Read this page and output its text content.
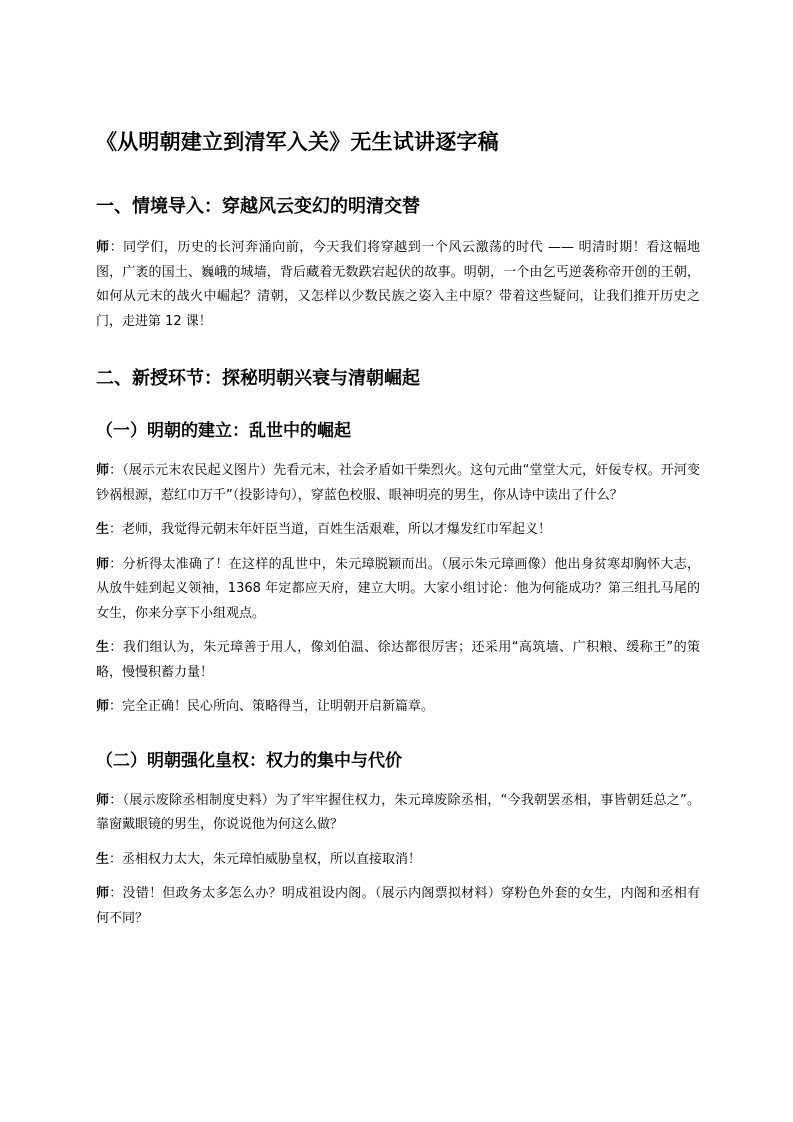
《从明朝建立到清军入关》无生试讲逐字稿
一、情境导入：穿越风云变幻的明清交替

师：同学们，历史的长河奔涌向前，今天我们将穿越到一个风云激荡的时代 —— 明清时期！看这幅地图，广袤的国土、巍峨的城墙，背后藏着无数跌宕起伏的故事。明朝，一个由乞丐逆袭称帝开创的王朝，如何从元末的战火中崛起？清朝，又怎样以少数民族之姿入主中原？带着这些疑问，让我们推开历史之门，走进第 12 课！

二、新授环节：探秘明朝兴衰与清朝崛起
（一）明朝的建立：乱世中的崛起

师：（展示元末农民起义图片）先看元末，社会矛盾如干柴烈火。这句元曲“堂堂大元，奸佞专权。开河变钞祸根源，惹红巾万千”（投影诗句），穿蓝色校服、眼神明亮的男生，你从诗中读出了什么？

生：老师，我觉得元朝末年奸臣当道，百姓生活艰难，所以才爆发红巾军起义！

师：分析得太准确了！在这样的乱世中，朱元璋脱颖而出。（展示朱元璋画像）他出身贫寒却胸怀大志，从放牛娃到起义领袖，1368 年定都应天府，建立大明。大家小组讨论：他为何能成功？第三组扎马尾的女生，你来分享下小组观点。

生：我们组认为，朱元璋善于用人，像刘伯温、徐达都很厉害；还采用“高筑墙、广积粮、缓称王”的策略，慢慢积蓄力量！

师：完全正确！民心所向、策略得当，让明朝开启新篇章。

（二）明朝强化皇权：权力的集中与代价

师：（展示废除丞相制度史料）为了牢牢握住权力，朱元璋废除丞相，“今我朝罢丞相，事皆朝廷总之”。靠窗戴眼镜的男生，你说说他为何这么做？

生：丞相权力太大，朱元璋怕威胁皇权，所以直接取消！

师：没错！但政务太多怎么办？明成祖设内阁。（展示内阁票拟材料）穿粉色外套的女生，内阁和丞相有何不同？
